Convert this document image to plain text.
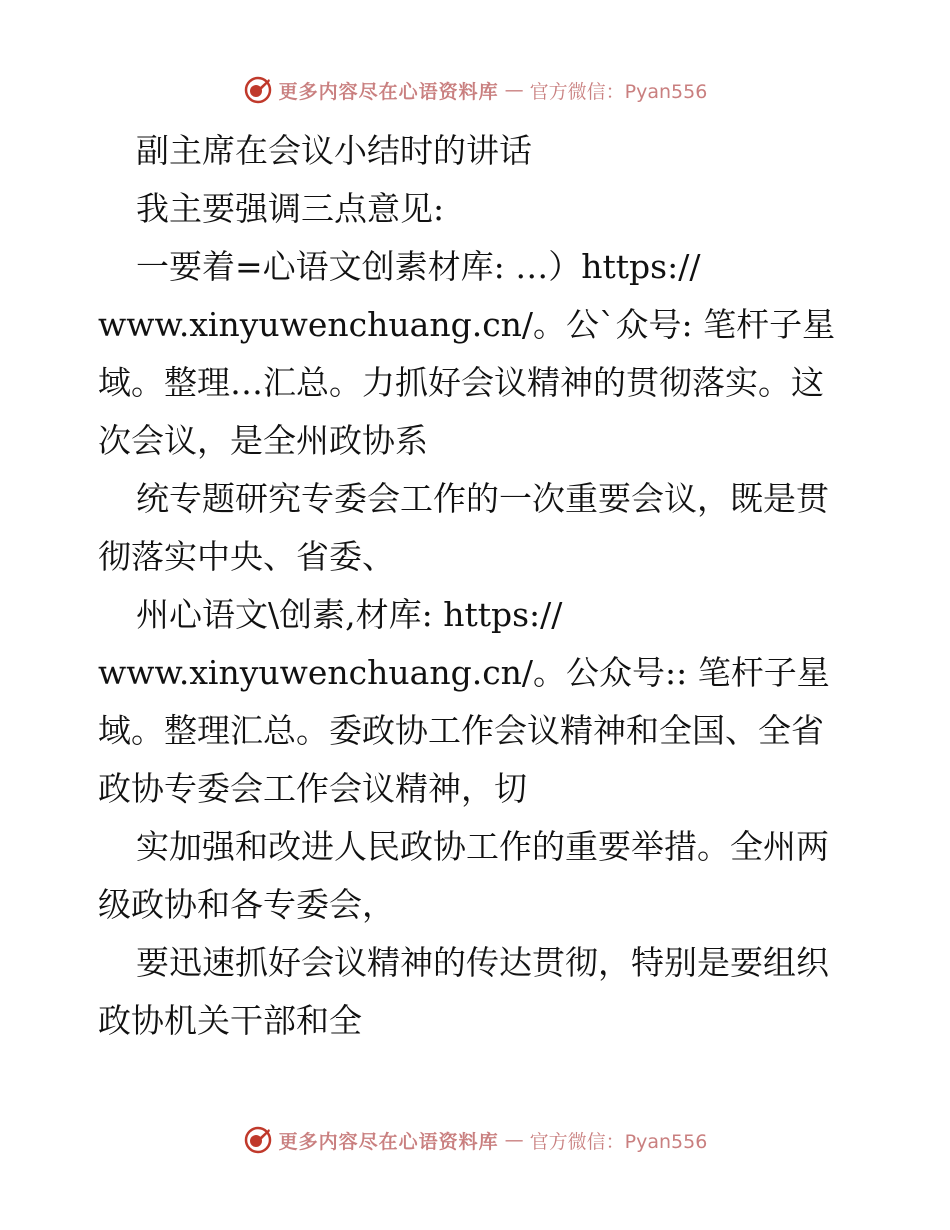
更多内容尽在心语资料库 — 官方微信：Pyan556
副主席在会议小结时的讲话
我主要强调三点意见:
一要着=心语文创素材库: …）https://
www.xinyuwenchuang.cn/。公`众号: 笔杆子星
域。整理…汇总。力抓好会议精神的贯彻落实。这
次会议，是全州政协系
统专题研究专委会工作的一次重要会议，既是贯
彻落实中央、省委、
州心语文\创素,材库: https://
www.xinyuwenchuang.cn/。公众号:: 笔杆子星
域。整理汇总。委政协工作会议精神和全国、全省
政协专委会工作会议精神，切
实加强和改进人民政协工作的重要举措。全州两
级政协和各专委会，
要迅速抓好会议精神的传达贯彻，特别是要组织
政协机关干部和全
更多内容尽在心语资料库 — 官方微信：Pyan556
